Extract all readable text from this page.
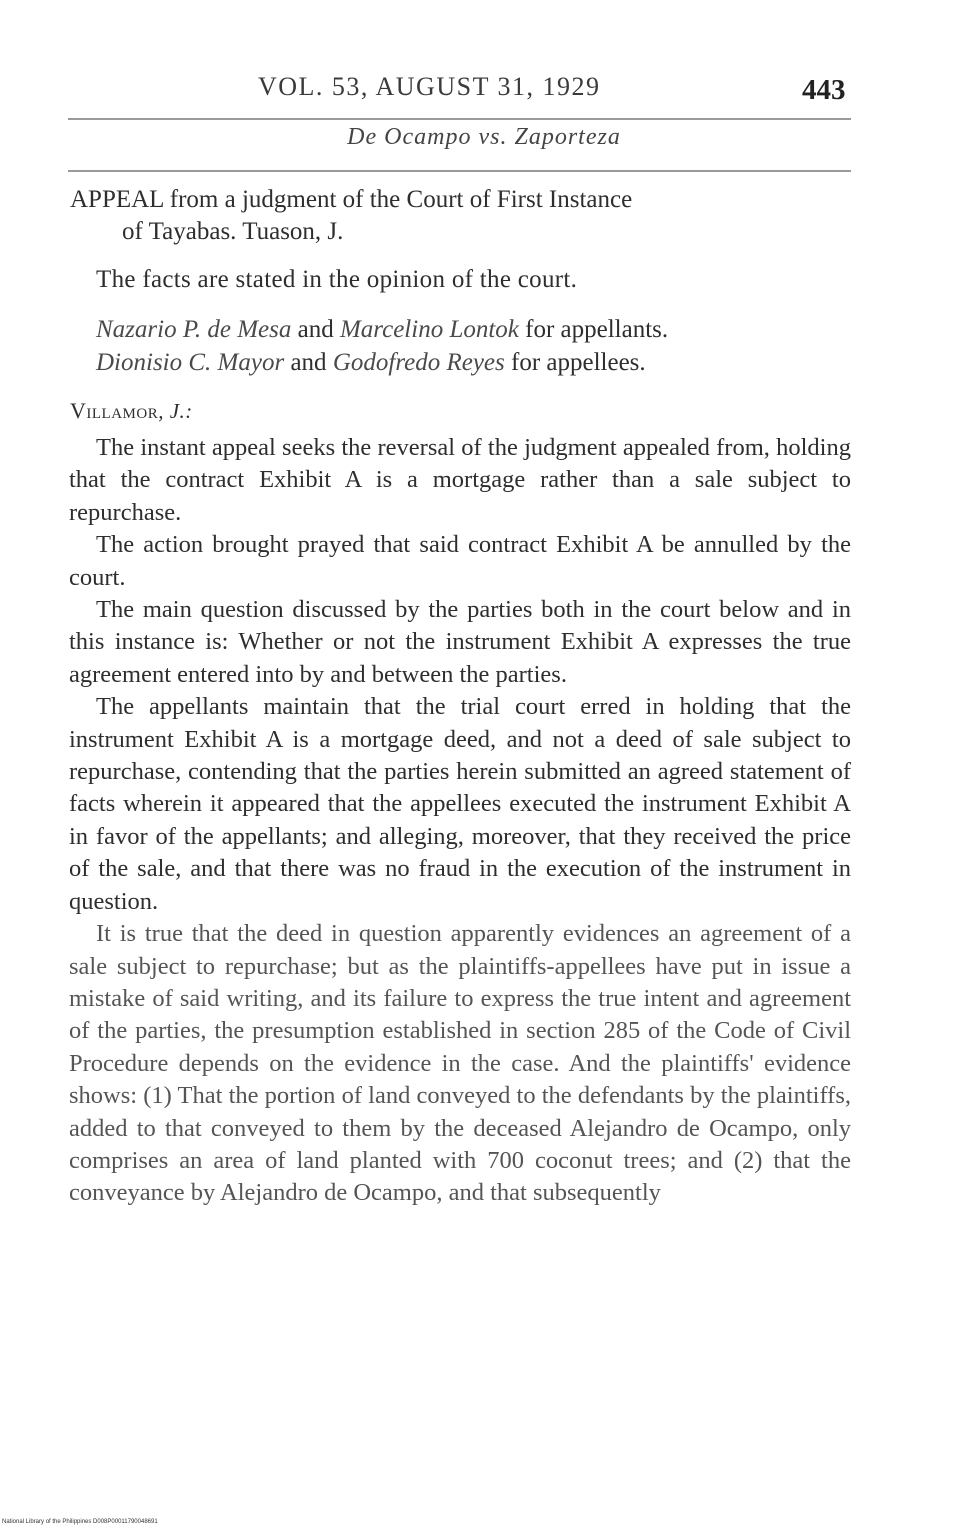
VOL. 53, AUGUST 31, 1929	443
De Ocampo vs. Zaporteza
APPEAL from a judgment of the Court of First Instance
of Tayabas. Tuason, J.
The facts are stated in the opinion of the court.
Nazario P. de Mesa and Marcelino Lontok for appellants.
Dionisio C. Mayor and Godofredo Reyes for appellees.
Villamor, J.:

The instant appeal seeks the reversal of the judgment appealed from, holding that the contract Exhibit A is a mortgage rather than a sale subject to repurchase.

The action brought prayed that said contract Exhibit A be annulled by the court.

The main question discussed by the parties both in the court below and in this instance is: Whether or not the instrument Exhibit A expresses the true agreement entered into by and between the parties.

The appellants maintain that the trial court erred in holding that the instrument Exhibit A is a mortgage deed, and not a deed of sale subject to repurchase, contending that the parties herein submitted an agreed statement of facts wherein it appeared that the appellees executed the instrument Exhibit A in favor of the appellants; and alleging, moreover, that they received the price of the sale, and that there was no fraud in the execution of the instrument in question.

It is true that the deed in question apparently evidences an agreement of a sale subject to repurchase; but as the plaintiffs-appellees have put in issue a mistake of said writing, and its failure to express the true intent and agreement of the parties, the presumption established in section 285 of the Code of Civil Procedure depends on the evidence in the case. And the plaintiffs' evidence shows: (1) That the portion of land conveyed to the defendants by the plaintiffs, added to that conveyed to them by the deceased Alejandro de Ocampo, only comprises an area of land planted with 700 coconut trees; and (2) that the conveyance by Alejandro de Ocampo, and that subsequently

National Library of the Philippines D008P00011790048691
